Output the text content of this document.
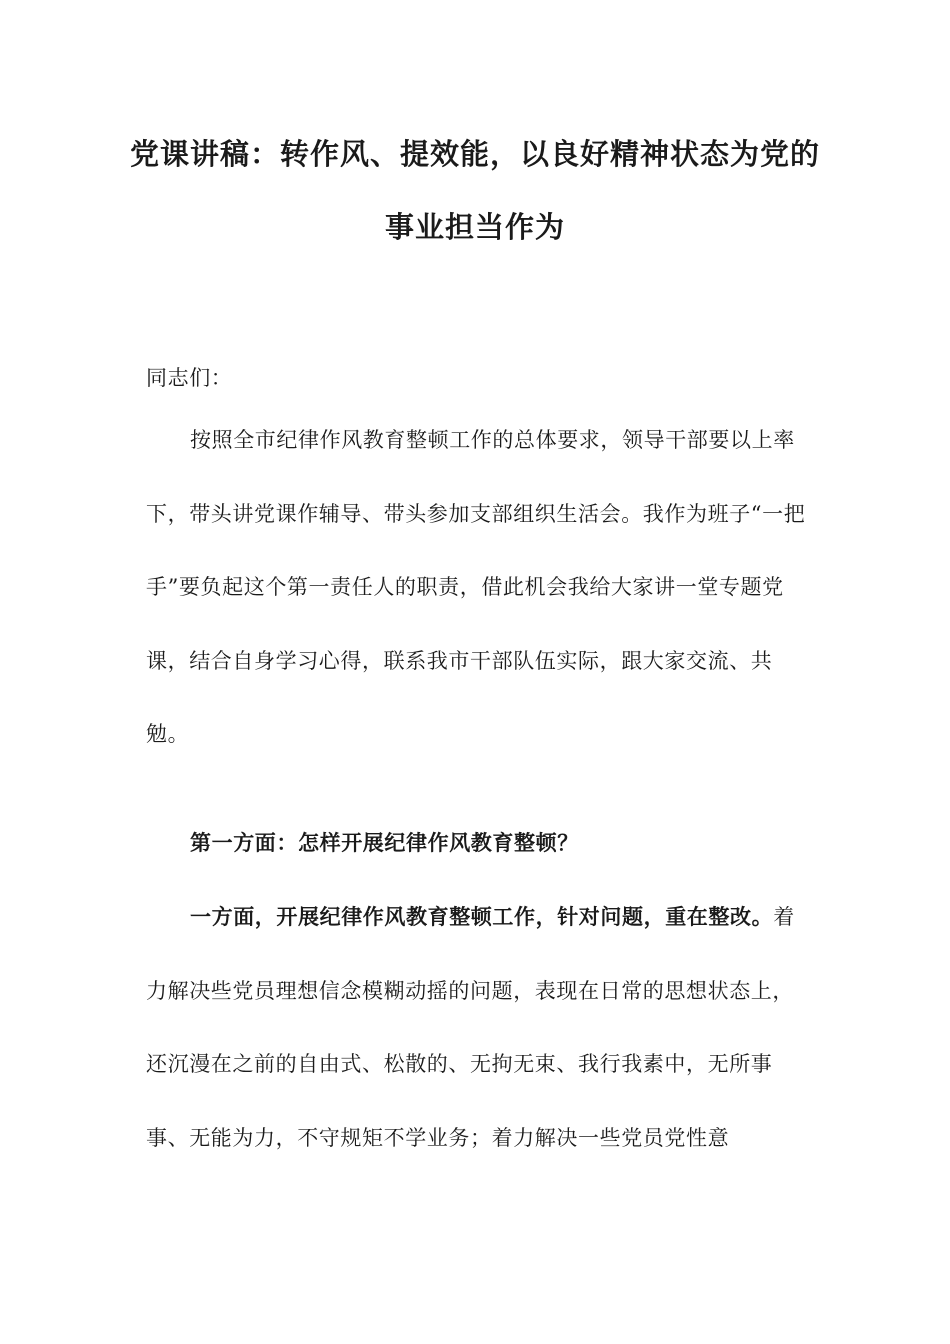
党课讲稿：转作风、提效能，以良好精神状态为党的
事业担当作为

同志们：

按照全市纪律作风教育整顿工作的总体要求，领导干部要以上率下，带头讲党课作辅导、带头参加支部组织生活会。我作为班子“一把手”要负起这个第一责任人的职责，借此机会我给大家讲一堂专题党课，结合自身学习心得，联系我市干部队伍实际，跟大家交流、共勉。

第一方面：怎样开展纪律作风教育整顿？

一方面，开展纪律作风教育整顿工作，针对问题，重在整改。着力解决些党员理想信念模糊动摇的问题，表现在日常的思想状态上，还沉漫在之前的自由式、松散的、无拘无束、我行我素中，无所事事、无能为力，不守规矩不学业务；着力解决一些党员党性意
